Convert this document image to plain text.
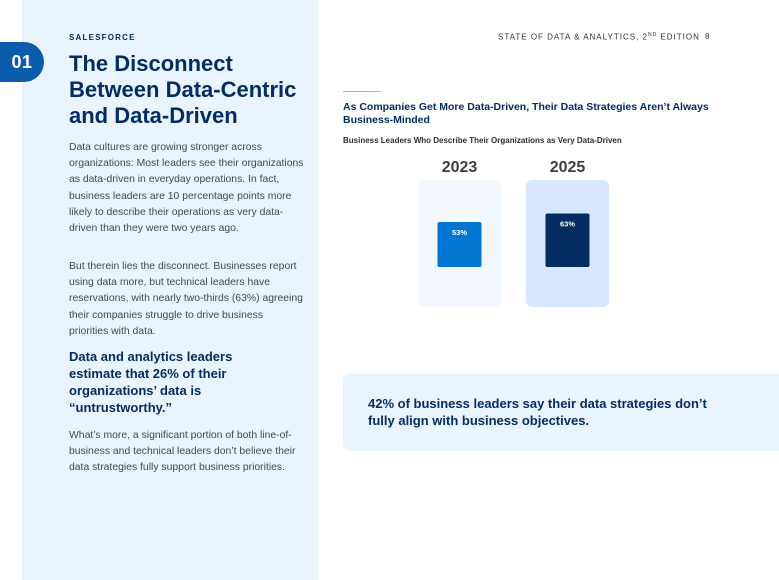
01
SALESFORCE
The Disconnect Between Data-Centric and Data-Driven

Data cultures are growing stronger across organizations: Most leaders see their organizations as data-driven in everyday operations. In fact, business leaders are 10 percentage points more likely to describe their operations as very data-driven than they were two years ago.

But therein lies the disconnect. Businesses report using data more, but technical leaders have reservations, with nearly two-thirds (63%) agreeing their companies struggle to drive business priorities with data.

Data and analytics leaders estimate that 26% of their organizations’ data is “untrustworthy.”

What’s more, a significant portion of both line-of-business and technical leaders don’t believe their data strategies fully support business priorities.

STATE OF DATA & ANALYTICS, 2ND EDITION 8
As Companies Get More Data-Driven, Their Data Strategies Aren’t Always Business-Minded
Business Leaders Who Describe Their Organizations as Very Data-Driven
2023
53%
2025
63%
42% of business leaders say their data strategies don’t fully align with business objectives.
